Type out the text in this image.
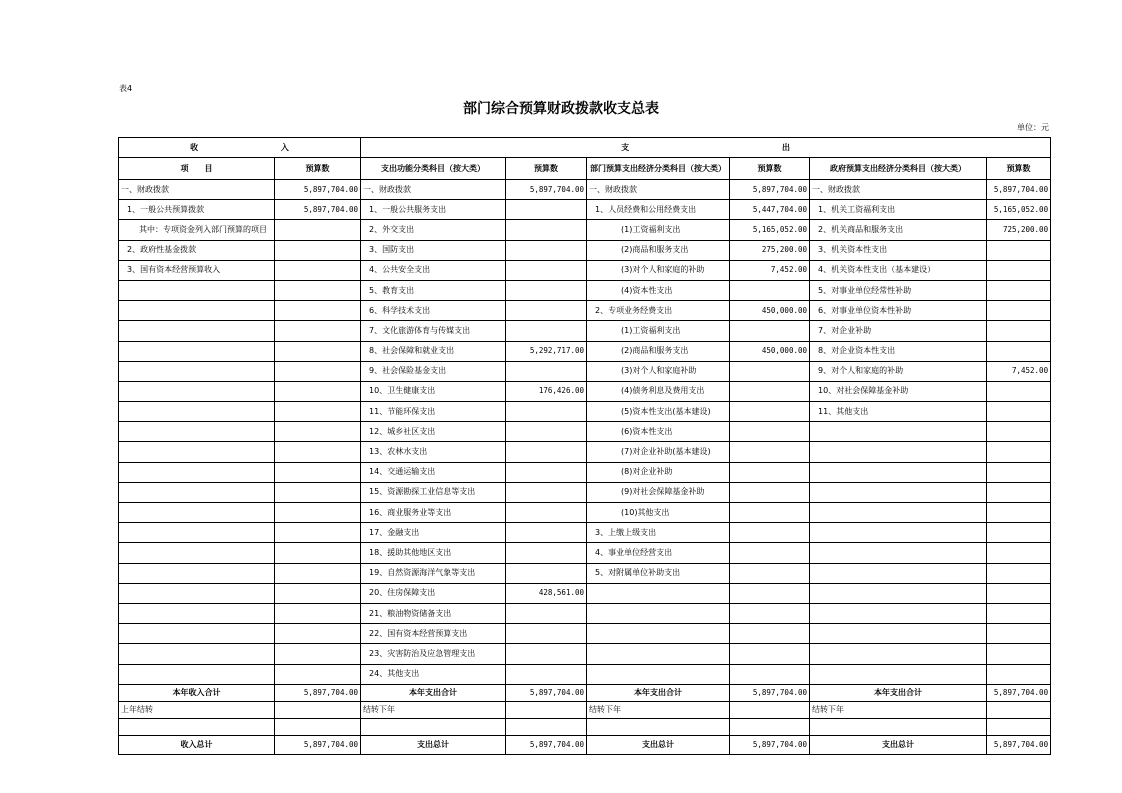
表4
部门综合预算财政拨款收支总表
单位：元
收 入		支 出					
项　　目	预算数	支出功能分类科目（按大类）	预算数	部门预算支出经济分类科目（按大类）	预算数	政府预算支出经济分类科目（按大类）	预算数
一、财政拨款	5,897,704.00	一、财政拨款	5,897,704.00	一、财政拨款	5,897,704.00	一、财政拨款	5,897,704.00
1、一般公共预算拨款	5,897,704.00	1、一般公共服务支出		1、人员经费和公用经费支出	5,447,704.00	1、机关工资福利支出	5,165,052.00
其中：专项资金列入部门预算的项目		2、外交支出		(1)工资福利支出	5,165,052.00	2、机关商品和服务支出	725,200.00
2、政府性基金拨款		3、国防支出		(2)商品和服务支出	275,200.00	3、机关资本性支出	
3、国有资本经营预算收入		4、公共安全支出		(3)对个人和家庭的补助	7,452.00	4、机关资本性支出（基本建设）	
		5、教育支出		(4)资本性支出		5、对事业单位经常性补助	
		6、科学技术支出		2、专项业务经费支出	450,000.00	6、对事业单位资本性补助	
		7、文化旅游体育与传媒支出		(1)工资福利支出		7、对企业补助	
		8、社会保障和就业支出	5,292,717.00	(2)商品和服务支出	450,000.00	8、对企业资本性支出	
		9、社会保险基金支出		(3)对个人和家庭补助		9、对个人和家庭的补助	7,452.00
		10、卫生健康支出	176,426.00	(4)债务利息及费用支出		10、对社会保障基金补助	
		11、节能环保支出		(5)资本性支出(基本建设)		11、其他支出	
		12、城乡社区支出		(6)资本性支出			
		13、农林水支出		(7)对企业补助(基本建设)			
		14、交通运输支出		(8)对企业补助			
		15、资源勘探工业信息等支出		(9)对社会保障基金补助			
		16、商业服务业等支出		(10)其他支出			
		17、金融支出		3、上缴上级支出			
		18、援助其他地区支出		4、事业单位经营支出			
		19、自然资源海洋气象等支出		5、对附属单位补助支出			
		20、住房保障支出	428,561.00				
		21、粮油物资储备支出					
		22、国有资本经营预算支出					
		23、灾害防治及应急管理支出					
		24、其他支出					
本年收入合计	5,897,704.00	本年支出合计	5,897,704.00	本年支出合计	5,897,704.00	本年支出合计	5,897,704.00
上年结转		结转下年		结转下年		结转下年	

收入总计	5,897,704.00	支出总计	5,897,704.00	支出总计	5,897,704.00	支出总计	5,897,704.00
